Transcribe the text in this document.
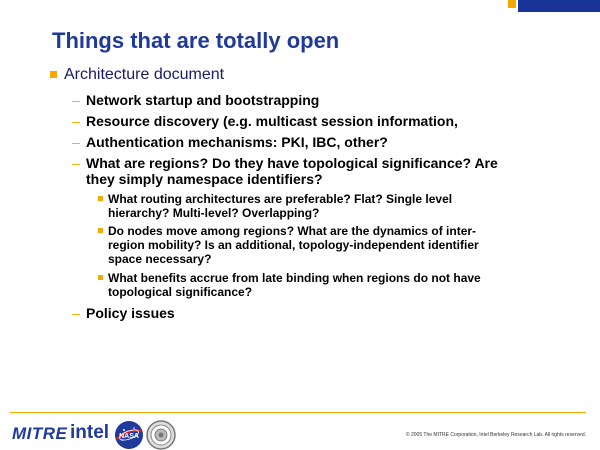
Things that are totally open
Architecture document
– Network startup and bootstrapping
– Resource discovery (e.g. multicast session information,
– Authentication mechanisms: PKI, IBC, other?
– What are regions? Do they have topological significance? Are
they simply namespace identifiers?
What routing architectures are preferable? Flat? Single level
hierarchy? Multi-level? Overlapping?
Do nodes move among regions? What are the dynamics of inter-
region mobility? Is an additional, topology-independent identifier
space necessary?
What benefits accrue from late binding when regions do not have
topological significance?
– Policy issues
MITRE intel NASA	© 2005 The MITRE Corporation, Intel Berkeley Research Lab. All rights reserved.
